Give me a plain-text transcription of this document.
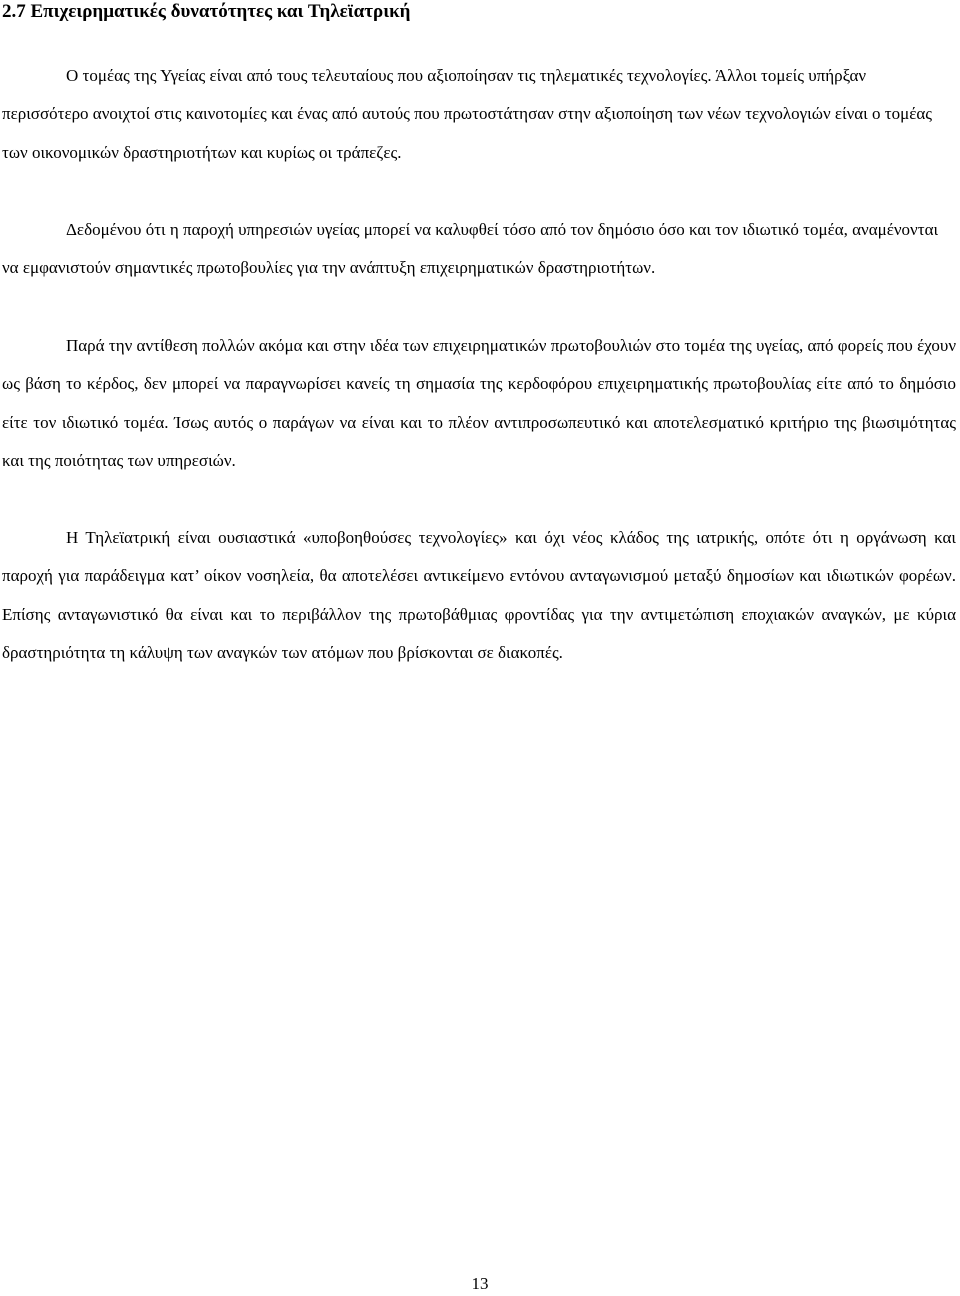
2.7 Επιχειρηματικές δυνατότητες και Τηλεϊατρική

Ο τομέας της Υγείας είναι από τους τελευταίους που αξιοποίησαν τις τηλεματικές τεχνολογίες. Άλλοι τομείς υπήρξαν περισσότερο ανοιχτοί στις καινοτομίες και ένας από αυτούς που πρωτοστάτησαν στην αξιοποίηση των νέων τεχνολογιών είναι ο τομέας των οικονομικών δραστηριοτήτων και κυρίως οι τράπεζες.

Δεδομένου ότι η παροχή υπηρεσιών υγείας μπορεί να καλυφθεί τόσο από τον δημόσιο όσο και τον ιδιωτικό τομέα, αναμένονται να εμφανιστούν σημαντικές πρωτοβουλίες για την ανάπτυξη επιχειρηματικών δραστηριοτήτων.

Παρά την αντίθεση πολλών ακόμα και στην ιδέα των επιχειρηματικών πρωτοβουλιών στο τομέα της υγείας, από φορείς που έχουν ως βάση το κέρδος, δεν μπορεί να παραγνωρίσει κανείς τη σημασία της κερδοφόρου επιχειρηματικής πρωτοβουλίας είτε από το δημόσιο είτε τον ιδιωτικό τομέα. Ίσως αυτός ο παράγων να είναι και το πλέον αντιπροσωπευτικό και αποτελεσματικό κριτήριο της βιωσιμότητας και της ποιότητας των υπηρεσιών.

Η Τηλεϊατρική είναι ουσιαστικά «υποβοηθούσες τεχνολογίες» και όχι νέος κλάδος της ιατρικής, οπότε ότι η οργάνωση και παροχή για παράδειγμα κατ’ οίκον νοσηλεία, θα αποτελέσει αντικείμενο εντόνου ανταγωνισμού μεταξύ δημοσίων και ιδιωτικών φορέων. Επίσης ανταγωνιστικό θα είναι και το περιβάλλον της πρωτοβάθμιας φροντίδας για την αντιμετώπιση εποχιακών αναγκών, με κύρια δραστηριότητα τη κάλυψη των αναγκών των ατόμων που βρίσκονται σε διακοπές.

13
